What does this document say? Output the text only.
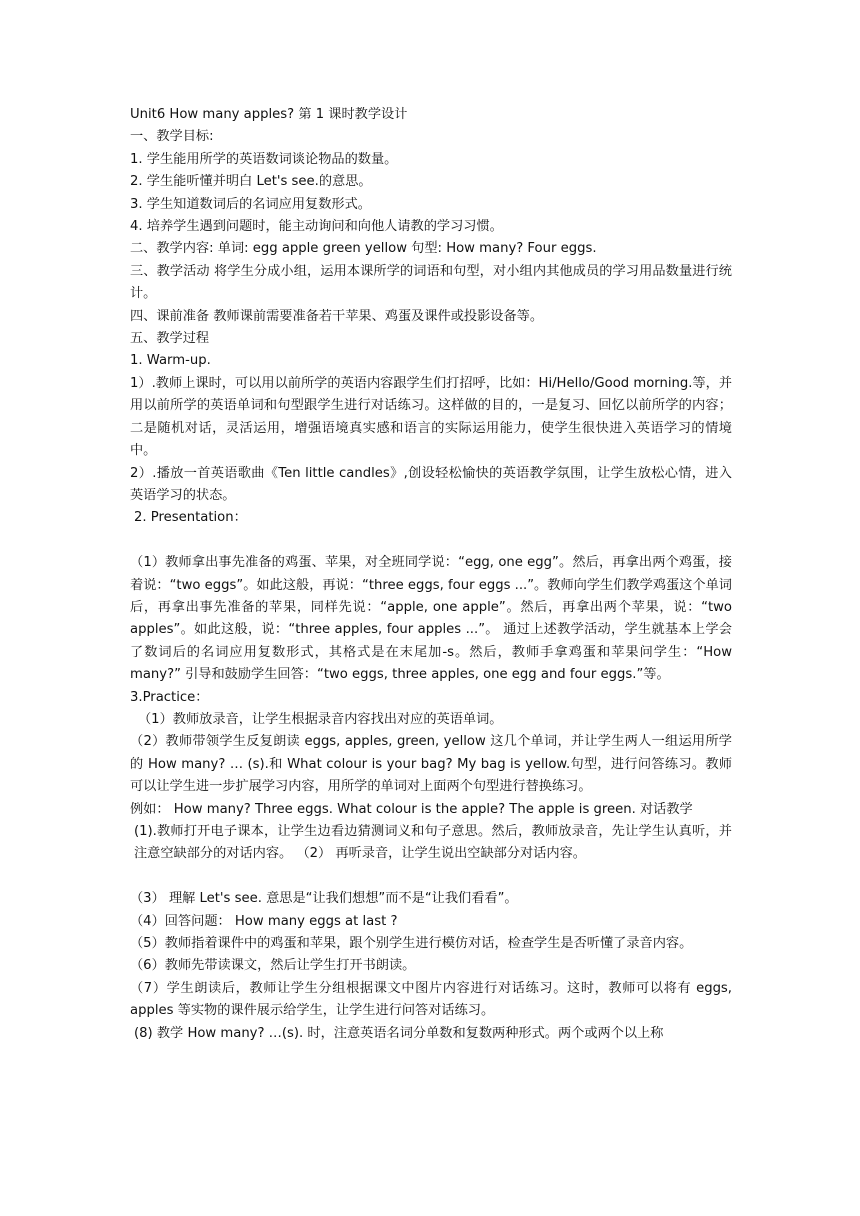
Unit6 How many apples? 第 1 课时教学设计

一、教学目标:

1. 学生能用所学的英语数词谈论物品的数量。

2. 学生能听懂并明白 Let's see.的意思。

3. 学生知道数词后的名词应用复数形式。

4. 培养学生遇到问题时，能主动询问和向他人请教的学习习惯。

二、教学内容: 单词: egg apple green yellow 句型: How many? Four eggs.

三、教学活动 将学生分成小组，运用本课所学的词语和句型，对小组内其他成员的学习用品数量进行统计。

四、课前准备 教师课前需要准备若干苹果、鸡蛋及课件或投影设备等。

五、教学过程

1. Warm-up.

1）.教师上课时，可以用以前所学的英语内容跟学生们打招呼，比如：Hi/Hello/Good morning.等，并用以前所学的英语单词和句型跟学生进行对话练习。这样做的目的，一是复习、回忆以前所学的内容；二是随机对话，灵活运用，增强语境真实感和语言的实际运用能力，使学生很快进入英语学习的情境中。

2）.播放一首英语歌曲《Ten little candles》,创设轻松愉快的英语教学氛围，让学生放松心情，进入英语学习的状态。

2. Presentation：

（1）教师拿出事先准备的鸡蛋、苹果，对全班同学说：“egg, one egg”。然后，再拿出两个鸡蛋，接着说：“two eggs”。如此这般，再说：“three eggs, four eggs ...”。教师向学生们教学鸡蛋这个单词后，再拿出事先准备的苹果，同样先说：“apple, one apple”。然后，再拿出两个苹果，说：“two apples”。如此这般，说：“three apples, four apples ...”。 通过上述教学活动，学生就基本上学会了数词后的名词应用复数形式，其格式是在末尾加-s。然后，教师手拿鸡蛋和苹果问学生：“How many?” 引导和鼓励学生回答：“two eggs, three apples, one egg and four eggs.”等。

3.Practice：

（1）教师放录音，让学生根据录音内容找出对应的英语单词。

（2）教师带领学生反复朗读 eggs, apples, green, yellow 这几个单词，并让学生两人一组运用所学的 How many? … (s).和 What colour is your bag? My bag is yellow.句型，进行问答练习。教师可以让学生进一步扩展学习内容，用所学的单词对上面两个句型进行替换练习。

例如： How many? Three eggs. What colour is the apple? The apple is green. 对话教学

(1).教师打开电子课本，让学生边看边猜测词义和句子意思。然后，教师放录音，先让学生认真听，并注意空缺部分的对话内容。 （2） 再听录音，让学生说出空缺部分对话内容。

（3） 理解 Let's see. 意思是“让我们想想”而不是“让我们看看”。

（4）回答问题： How many eggs at last ?

（5）教师指着课件中的鸡蛋和苹果，跟个别学生进行模仿对话，检查学生是否听懂了录音内容。

（6）教师先带读课文，然后让学生打开书朗读。

（7）学生朗读后，教师让学生分组根据课文中图片内容进行对话练习。这时，教师可以将有 eggs, apples 等实物的课件展示给学生，让学生进行问答对话练习。

(8) 教学 How many? …(s). 时，注意英语名词分单数和复数两种形式。两个或两个以上称
